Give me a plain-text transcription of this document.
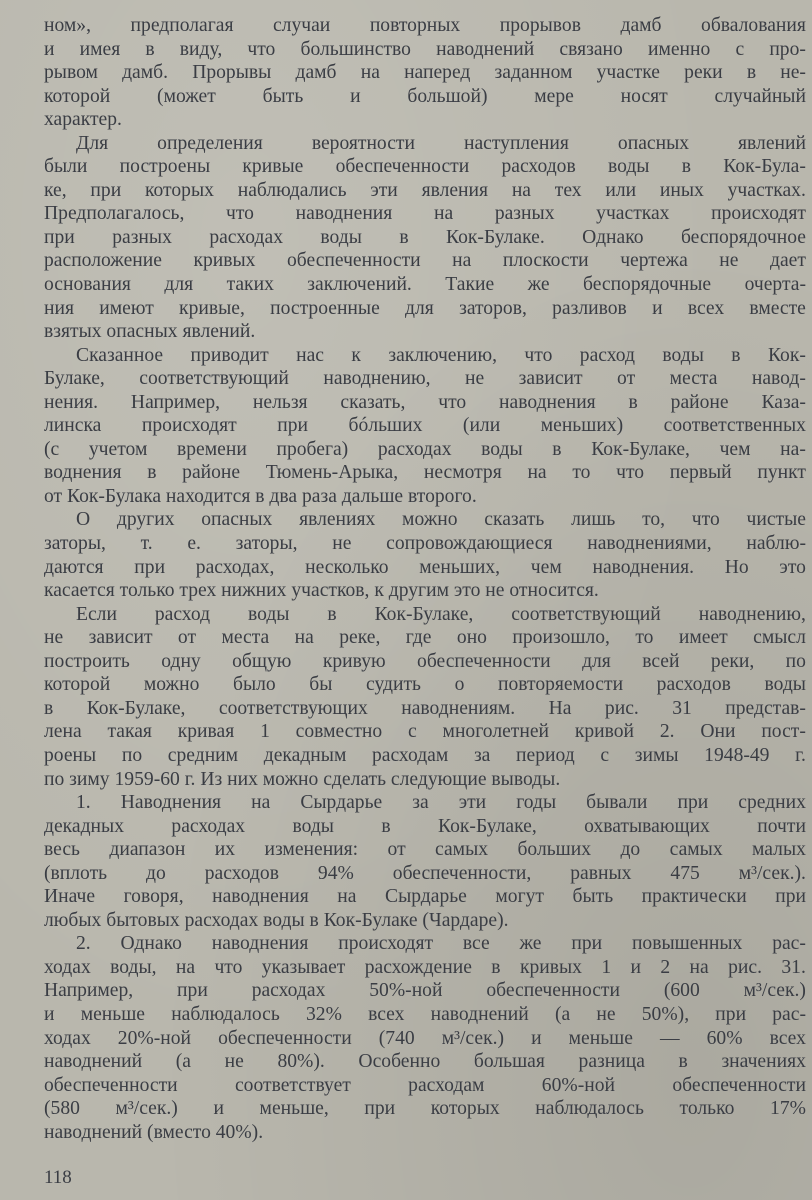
ном», предполагая случаи повторных прорывов дамб обвалования
и имея в виду, что большинство наводнений связано именно с про-
рывом дамб. Прорывы дамб на наперед заданном участке реки в не-
которой (может быть и большой) мере носят случайный
характер.
Для	определения	вероятности	наступления	опасных	явлений
были построены кривые обеспеченности расходов воды в Кок-Була-
ке, при которых наблюдались эти явления на тех или иных участках.
Предполагалось, что наводнения на разных участках происходят
при разных расходах воды в Кок-Булаке. Однако беспорядочное
расположение кривых обеспеченности на плоскости чертежа не дает
основания для таких заключений. Такие же беспорядочные очерта-
ния имеют кривые, построенные для заторов, разливов и всех вместе
взятых опасных явлений.
Сказанное приводит нас к заключению, что расход воды в Кок-
Булаке, соответствующий наводнению, не зависит от места навод-
нения. Например, нельзя сказать, что наводнения в районе Каза-
линска происходят при бóльших (или меньших) соответственных
(с учетом времени пробега) расходах воды в Кок-Булаке, чем на-
воднения в районе Тюмень-Арыка, несмотря на то что первый пункт
от Кок-Булака находится в два раза дальше второго.
О других опасных явлениях можно сказать лишь то, что чистые
заторы, т. е. заторы, не сопровождающиеся наводнениями, наблю-
даются при расходах, несколько меньших, чем наводнения. Но это
касается только трех нижних участков, к другим это не относится.
Если расход воды в Кок-Булаке, соответствующий наводнению,
не зависит от места на реке, где оно произошло, то имеет смысл
построить одну общую кривую обеспеченности для всей реки, по
которой можно было бы судить о повторяемости расходов воды
в Кок-Булаке, соответствующих наводнениям. На рис. 31 представ-
лена такая кривая 1 совместно с многолетней кривой 2. Они пост-
роены по средним декадным расходам за период с зимы 1948-49 г.
по зиму 1959-60 г. Из них можно сделать следующие выводы.
1. Наводнения на Сырдарье за эти годы бывали при средних
декадных расходах воды в Кок-Булаке, охватывающих почти
весь диапазон их изменения: от самых больших до самых малых
(вплоть до расходов 94% обеспеченности, равных 475 м³/сек.).
Иначе говоря, наводнения на Сырдарье могут быть практически при
любых бытовых расходах воды в Кок-Булаке (Чардаре).
2. Однако наводнения происходят все же при повышенных рас-
ходах воды, на что указывает расхождение в кривых 1 и 2 на рис. 31.
Например, при расходах 50%-ной обеспеченности (600 м³/сек.)
и меньше наблюдалось 32% всех наводнений (а не 50%), при рас-
ходах 20%-ной обеспеченности (740 м³/сек.) и меньше — 60% всех
наводнений (а не 80%). Особенно большая разница в значениях
обеспеченности	соответствует	расходам	60%-ной	обеспеченности
(580 м³/сек.) и меньше, при которых наблюдалось только 17%
наводнений (вместо 40%).
118
